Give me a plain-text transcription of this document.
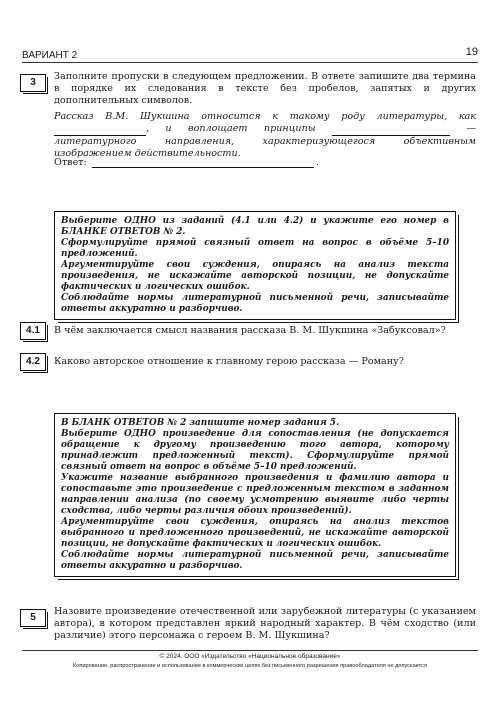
ВАРИАНТ 2	19
3
Заполните пропуски в следующем предложении. В ответе запишите два термина в порядке их следования в тексте без пробелов, запятых и других дополнительных символов.
Рассказ В.М. Шукшина относится к такому роду литературы, как  , и воплощает принципы	— литературного направления, характеризующегося объективным изображением действительности.
Ответ:	.
Выберите ОДНО из заданий (4.1 или 4.2) и укажите его номер в БЛАНКЕ ОТВЕТОВ № 2.
Сформулируйте прямой связный ответ на вопрос в объёме 5–10 предложений.
Аргументируйте свои суждения, опираясь на анализ текста произведения, не искажайте авторской позиции, не допускайте фактических и логических ошибок.
Соблюдайте нормы литературной письменной речи, записывайте ответы аккуратно и разборчиво.
4.1	В чём заключается смысл названия рассказа В. М. Шукшина «Забуксовал»?
4.2	Каково авторское отношение к главному герою рассказа — Роману?
В БЛАНК ОТВЕТОВ № 2 запишите номер задания 5.
Выберите ОДНО произведение для сопоставления (не допускается обращение к другому произведению того автора, которому принадлежит предложенный текст). Сформулируйте прямой связный ответ на вопрос в объёме 5–10 предложений.
Укажите название выбранного произведения и фамилию автора и сопоставьте это произведение с предложенным текстом в заданном направлении анализа (по своему усмотрению выявите либо черты сходства, либо черты различия обоих произведений).
Аргументируйте свои суждения, опираясь на анализ текстов выбранного и предложенного произведений, не искажайте авторской позиции, не допускайте фактических и логических ошибок.
Соблюдайте нормы литературной письменной речи, записывайте ответы аккуратно и разборчиво.
5
Назовите произведение отечественной или зарубежной литературы (с указанием автора), в котором представлен яркий народный характер. В чём сходство (или различие) этого персонажа с героем В. М. Шукшина?
© 2024. ООО «Издательство «Национальное образование»
Копирование, распространение и использование в коммерческих целях без письменного разрешения правообладателя не допускается
